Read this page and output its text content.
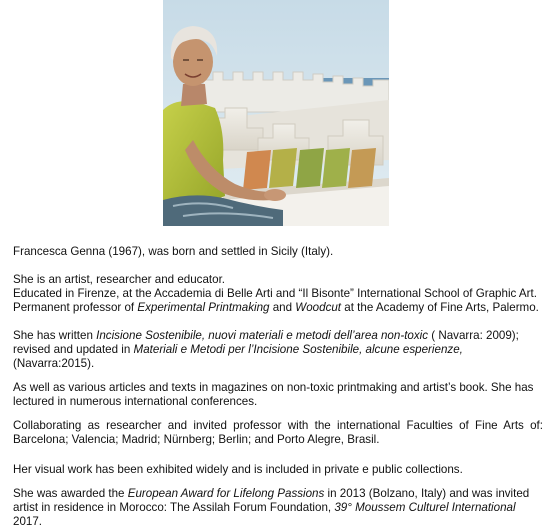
Francesca Genna (1967), was born and settled in Sicily (Italy).

She is an artist, researcher and educator.
Educated in Firenze, at the Accademia di Belle Arti and “Il Bisonte” International School of Graphic Art.
Permanent professor of Experimental Printmaking and Woodcut at the Academy of Fine Arts, Palermo.

She has written Incisione Sostenibile, nuovi materiali e metodi dell’area non-toxic ( Navarra: 2009); revised and updated in Materiali e Metodi per l’Incisione Sostenibile, alcune esperienze, (Navarra:2015).

As well as various articles and texts in magazines on non-toxic printmaking and artist’s book. She has lectured in numerous international conferences.

Collaborating as researcher and invited professor with the international Faculties of Fine Arts of: Barcelona; Valencia; Madrid; Nürnberg; Berlin; and Porto Alegre, Brasil.

Her visual work has been exhibited widely and is included in private e public collections.

She was awarded the European Award for Lifelong Passions in 2013 (Bolzano, Italy) and was invited artist in residence in Morocco: The Assilah Forum Foundation, 39° Moussem Culturel International 2017.
